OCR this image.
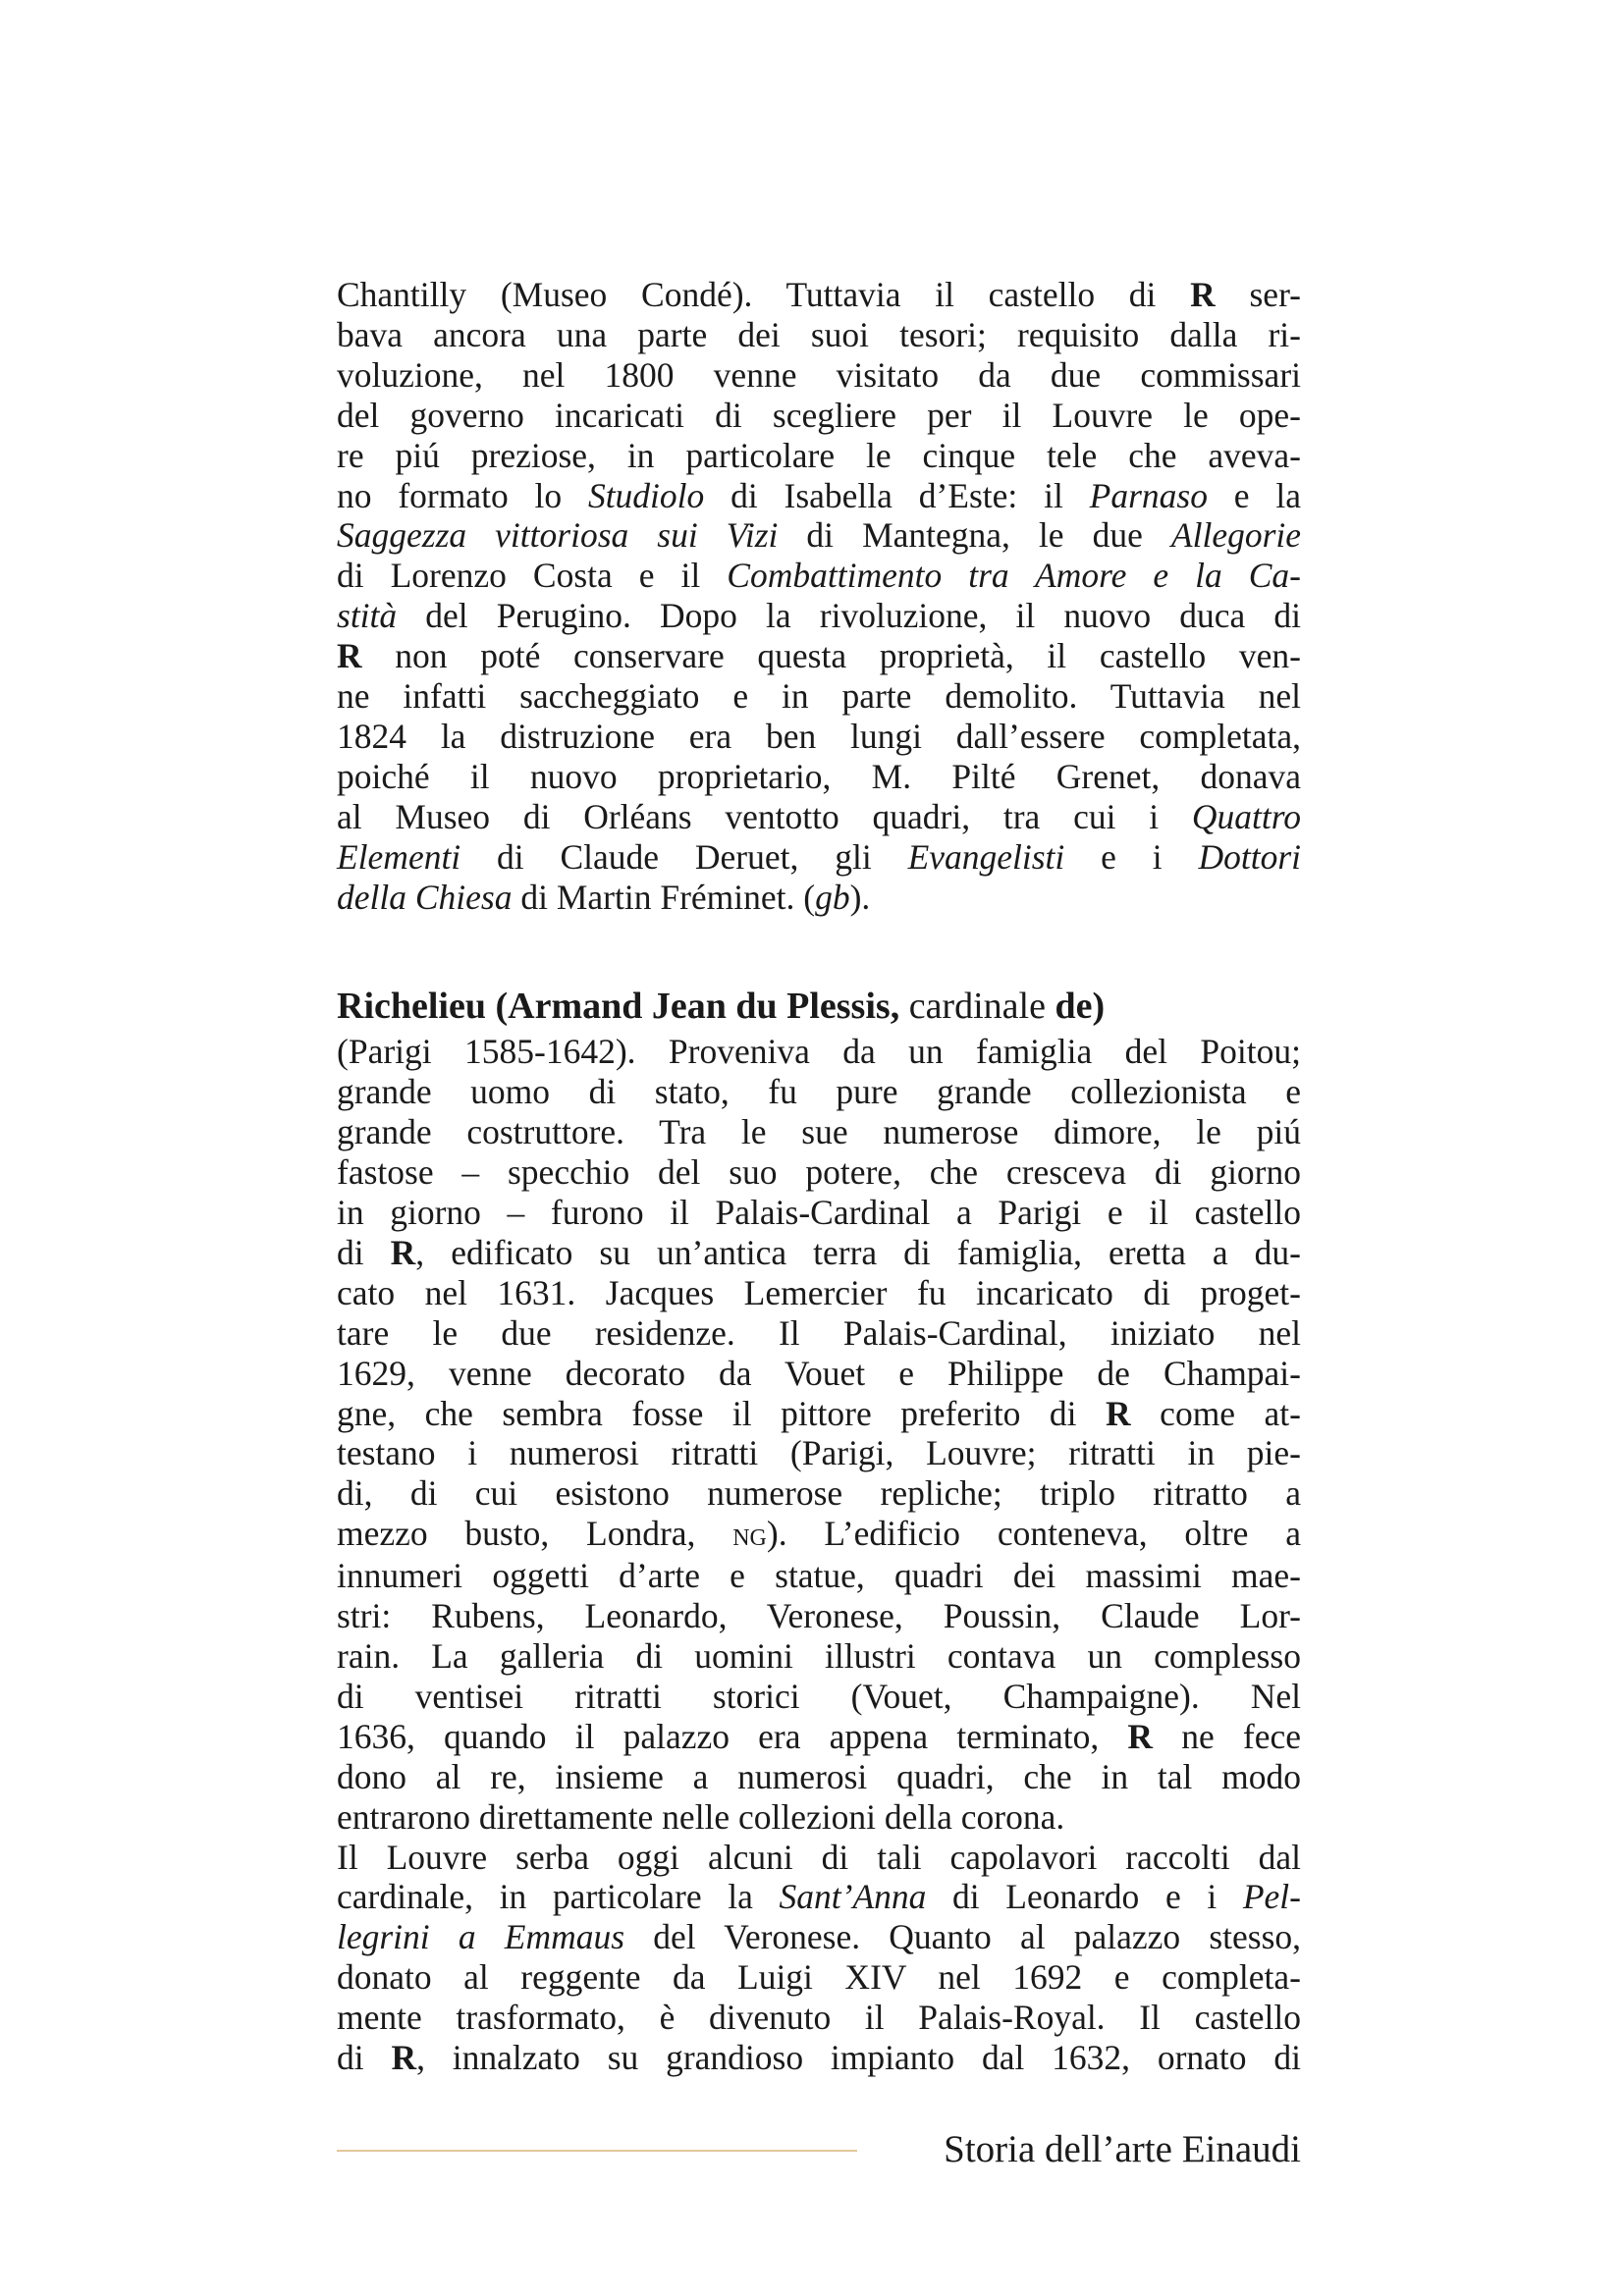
Chantilly (Museo Condé). Tuttavia il castello di R ser-
bava ancora una parte dei suoi tesori; requisito dalla ri-
voluzione, nel 1800 venne visitato da due commissari
del governo incaricati di scegliere per il Louvre le ope-
re piú preziose, in particolare le cinque tele che aveva-
no formato lo Studiolo di Isabella d’Este: il Parnaso e la
Saggezza vittoriosa sui Vizi di Mantegna, le due Allegorie
di Lorenzo Costa e il Combattimento tra Amore e la Ca-
stità del Perugino. Dopo la rivoluzione, il nuovo duca di
R non poté conservare questa proprietà, il castello ven-
ne infatti saccheggiato e in parte demolito. Tuttavia nel
1824 la distruzione era ben lungi dall’essere completata,
poiché il nuovo proprietario, M. Pilté Grenet, donava
al Museo di Orléans ventotto quadri, tra cui i Quattro
Elementi di Claude Deruet, gli Evangelisti e i Dottori
della Chiesa di Martin Fréminet. (gb).
Richelieu (Armand Jean du Plessis, cardinale de)
(Parigi 1585-1642). Proveniva da un famiglia del Poitou;
grande uomo di stato, fu pure grande collezionista e
grande costruttore. Tra le sue numerose dimore, le piú
fastose – specchio del suo potere, che cresceva di giorno
in giorno – furono il Palais-Cardinal a Parigi e il castello
di R, edificato su un’antica terra di famiglia, eretta a du-
cato nel 1631. Jacques Lemercier fu incaricato di proget-
tare le due residenze. Il Palais-Cardinal, iniziato nel
1629, venne decorato da Vouet e Philippe de Champai-
gne, che sembra fosse il pittore preferito di R come at-
testano i numerosi ritratti (Parigi, Louvre; ritratti in pie-
di, di cui esistono numerose repliche; triplo ritratto a
mezzo busto, Londra, ng). L’edificio conteneva, oltre a
innumeri oggetti d’arte e statue, quadri dei massimi mae-
stri: Rubens, Leonardo, Veronese, Poussin, Claude Lor-
rain. La galleria di uomini illustri contava un complesso
di ventisei ritratti storici (Vouet, Champaigne). Nel
1636, quando il palazzo era appena terminato, R ne fece
dono al re, insieme a numerosi quadri, che in tal modo
entrarono direttamente nelle collezioni della corona.
Il Louvre serba oggi alcuni di tali capolavori raccolti dal
cardinale, in particolare la Sant’Anna di Leonardo e i Pel-
legrini a Emmaus del Veronese. Quanto al palazzo stesso,
donato al reggente da Luigi XIV nel 1692 e completa-
mente trasformato, è divenuto il Palais-Royal. Il castello
di R, innalzato su grandioso impianto dal 1632, ornato di
Storia dell’arte Einaudi
